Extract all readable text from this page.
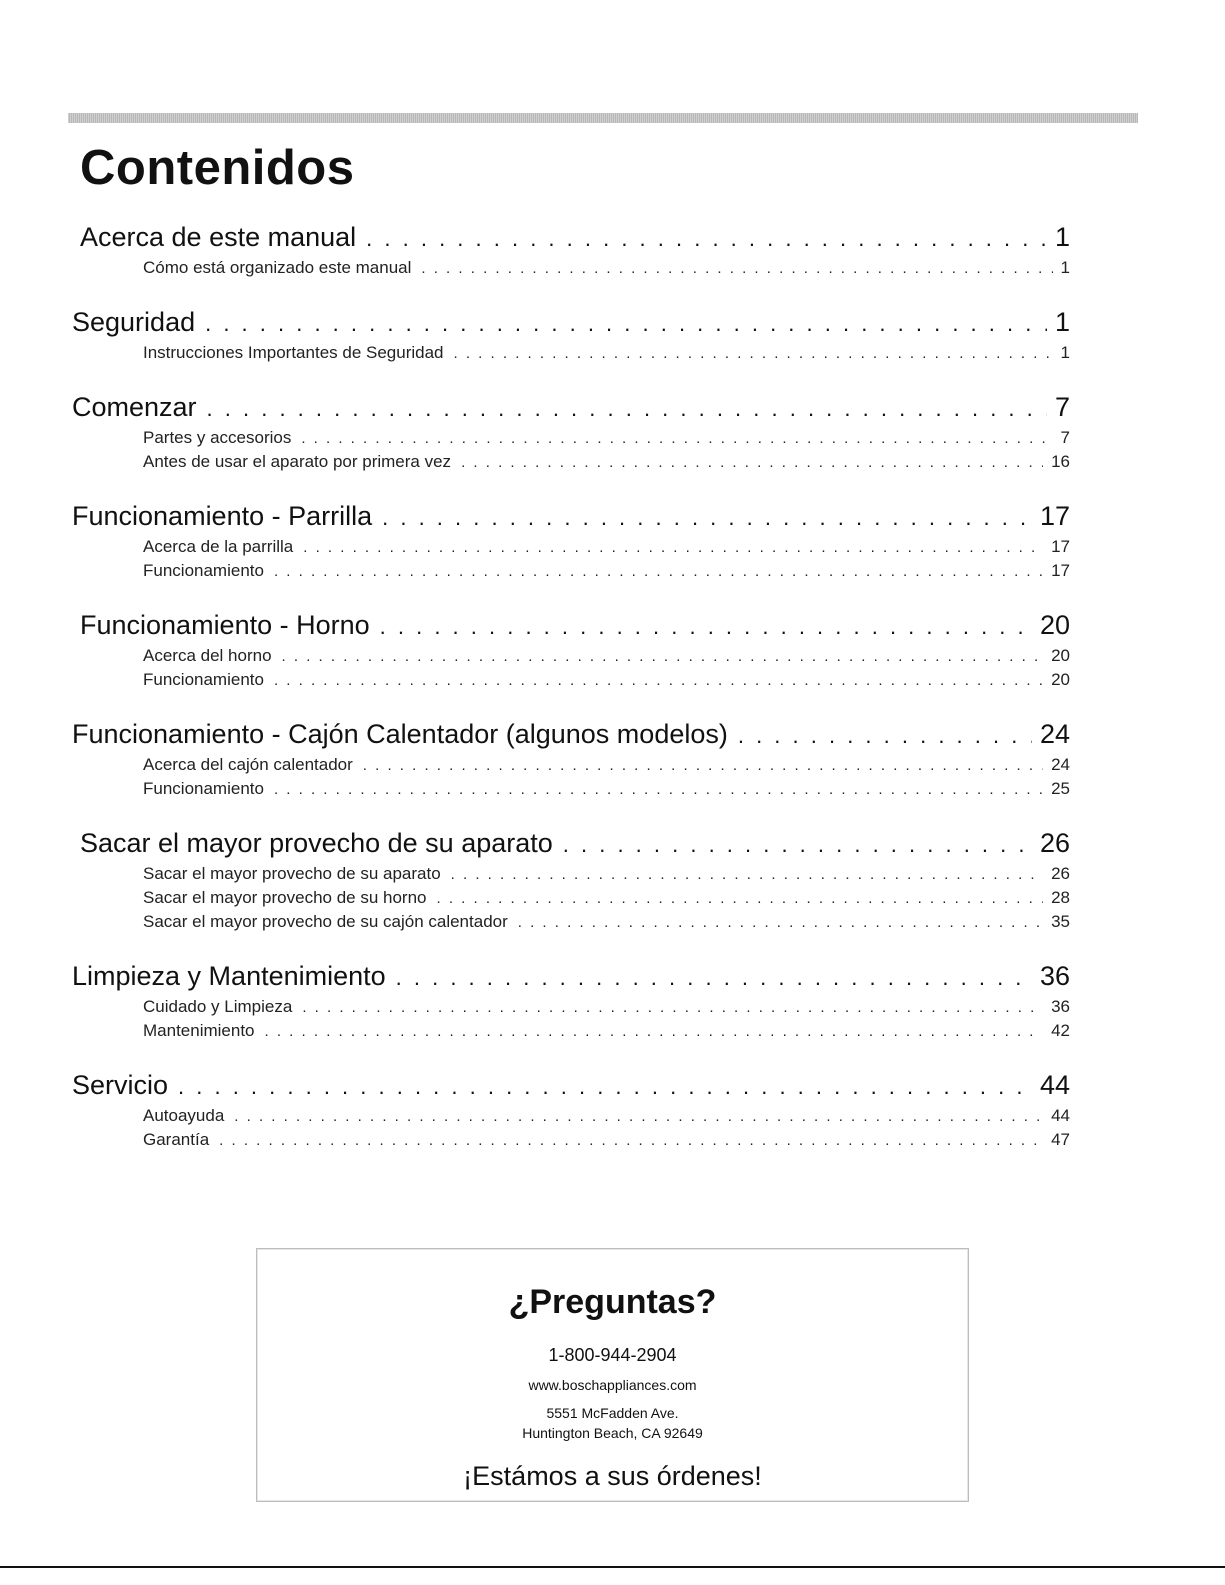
Contenidos
Acerca de este manual . . .	1
Cómo está organizado este manual . . .	1
Seguridad . . .	1
Instrucciones Importantes de Seguridad . . .	1
Comenzar . . .	7
Partes y accesorios . . .	7
Antes de usar el aparato por primera vez . . .	16
Funcionamiento - Parrilla . . .	17
Acerca de la parrilla . . .	17
Funcionamiento . . .	17
Funcionamiento - Horno . . .	20
Acerca del horno . . .	20
Funcionamiento . . .	20
Funcionamiento - Cajón Calentador (algunos modelos) . . .	24
Acerca del cajón calentador . . .	24
Funcionamiento . . .	25
Sacar el mayor provecho de su aparato . . .	26
Sacar el mayor provecho de su aparato . . .	26
Sacar el mayor provecho de su horno . . .	28
Sacar el mayor provecho de su cajón calentador . . .	35
Limpieza y Mantenimiento . . .	36
Cuidado y Limpieza . . .	36
Mantenimiento . . .	42
Servicio . . .	44
Autoayuda . . .	44
Garantía . . .	47
¿Preguntas?
1-800-944-2904
www.boschappliances.com
5551 McFadden Ave.
Huntington Beach, CA 92649
¡Estámos a sus órdenes!
